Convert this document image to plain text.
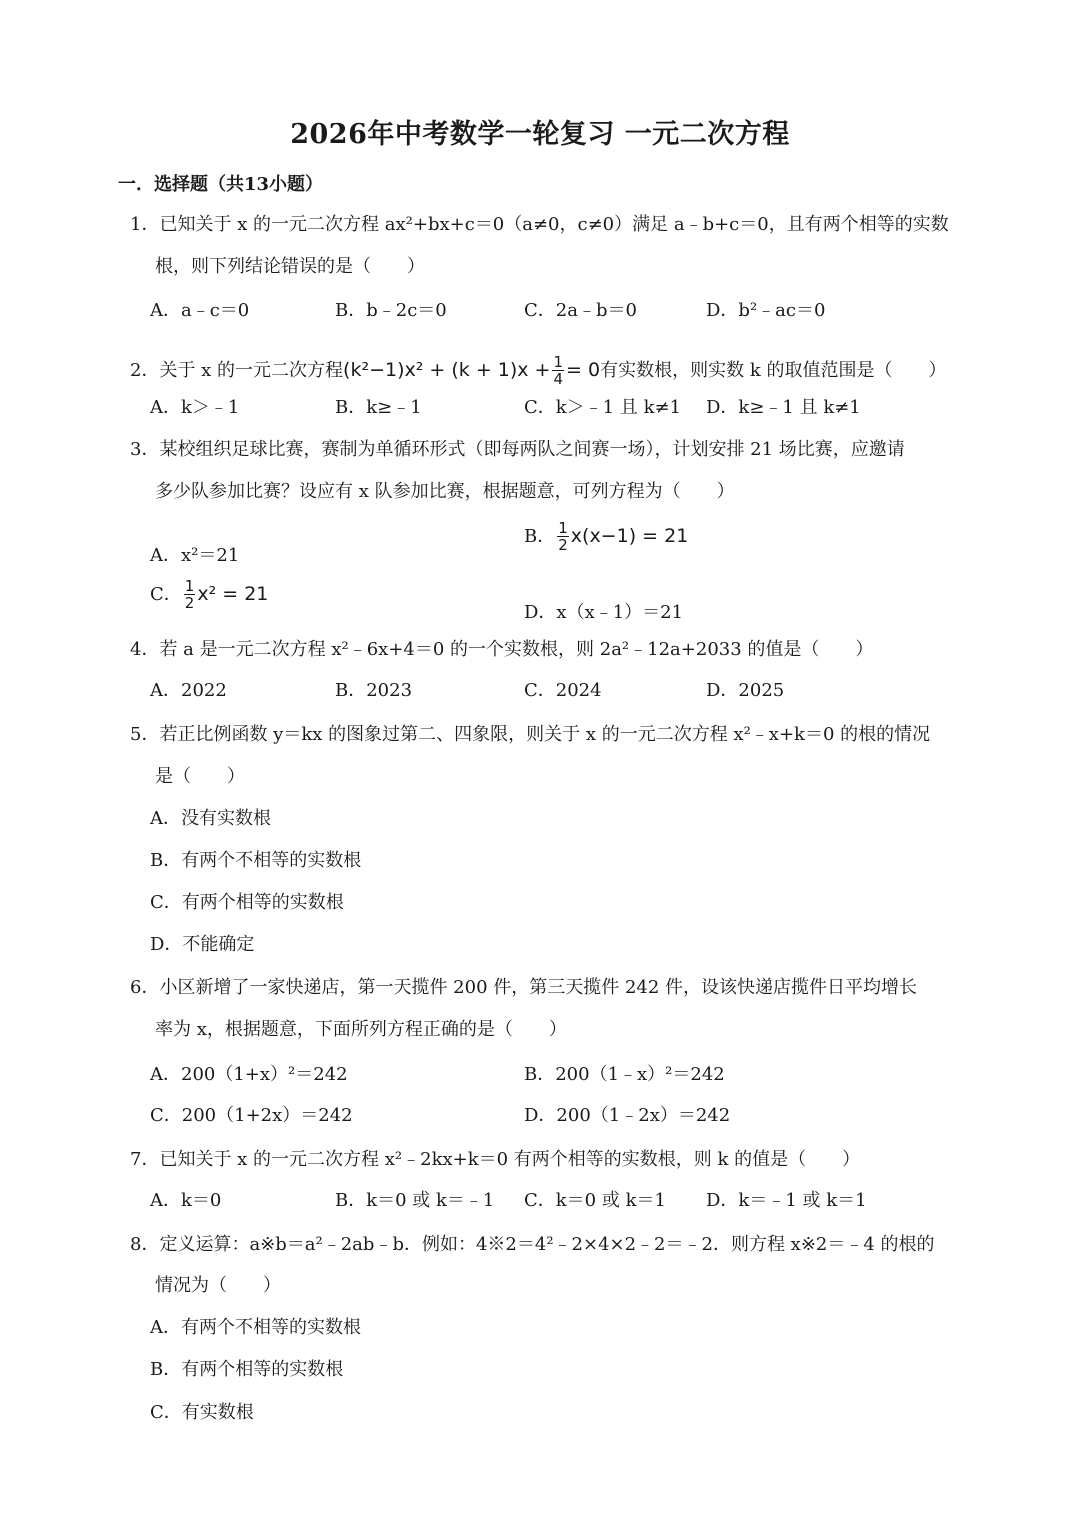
2026年中考数学一轮复习 一元二次方程
一．选择题（共13小题）
1．已知关于 x 的一元二次方程 ax²+bx+c＝0（a≠0，c≠0）满足 a﹣b+c＝0，且有两个相等的实数
根，则下列结论错误的是（　　）
A．a﹣c＝0	B．b﹣2c＝0	C．2a﹣b＝0	D．b²﹣ac＝0
2．关于 x 的一元二次方程$(k^2-1)x^2 + (k + 1)x + \frac{1}{4} = 0$有实数根，则实数 k 的取值范围是（　　）
A．k＞﹣1	B．k≥﹣1	C．k＞﹣1 且 k≠1 D．k≥﹣1 且 k≠1
3．某校组织足球比赛，赛制为单循环形式（即每两队之间赛一场），计划安排 21 场比赛，应邀请
多少队参加比赛？设应有 x 队参加比赛，根据题意，可列方程为（　　）
A．x²＝21
B． $\frac{1}{2} x(x-1) = 21$
C． $\frac{1}{2} x^2 = 21$
D．x（x﹣1）＝21
4．若 a 是一元二次方程 x²﹣6x+4＝0 的一个实数根，则 2a²﹣12a+2033 的值是（　　）
A．2022	B．2023	C．2024	D．2025
5．若正比例函数 y＝kx 的图象过第二、四象限，则关于 x 的一元二次方程 x²﹣x+k＝0 的根的情况
是（　　）
A．没有实数根
B．有两个不相等的实数根
C．有两个相等的实数根
D．不能确定
6．小区新增了一家快递店，第一天揽件 200 件，第三天揽件 242 件，设该快递店揽件日平均增长
率为 x，根据题意，下面所列方程正确的是（　　）
A．200（1+x）²＝242	B．200（1﹣x）²＝242
C．200（1+2x）＝242	D．200（1﹣2x）＝242
7．已知关于 x 的一元二次方程 x²﹣2kx+k＝0 有两个相等的实数根，则 k 的值是（　　）
A．k＝0	B．k＝0 或 k＝﹣1 C．k＝0 或 k＝1 D．k＝﹣1 或 k＝1
8．定义运算：a※b＝a²﹣2ab﹣b．例如：4※2＝4²﹣2×4×2﹣2＝﹣2．则方程 x※2＝﹣4 的根的
情况为（　　）
A．有两个不相等的实数根
B．有两个相等的实数根
C．有实数根
